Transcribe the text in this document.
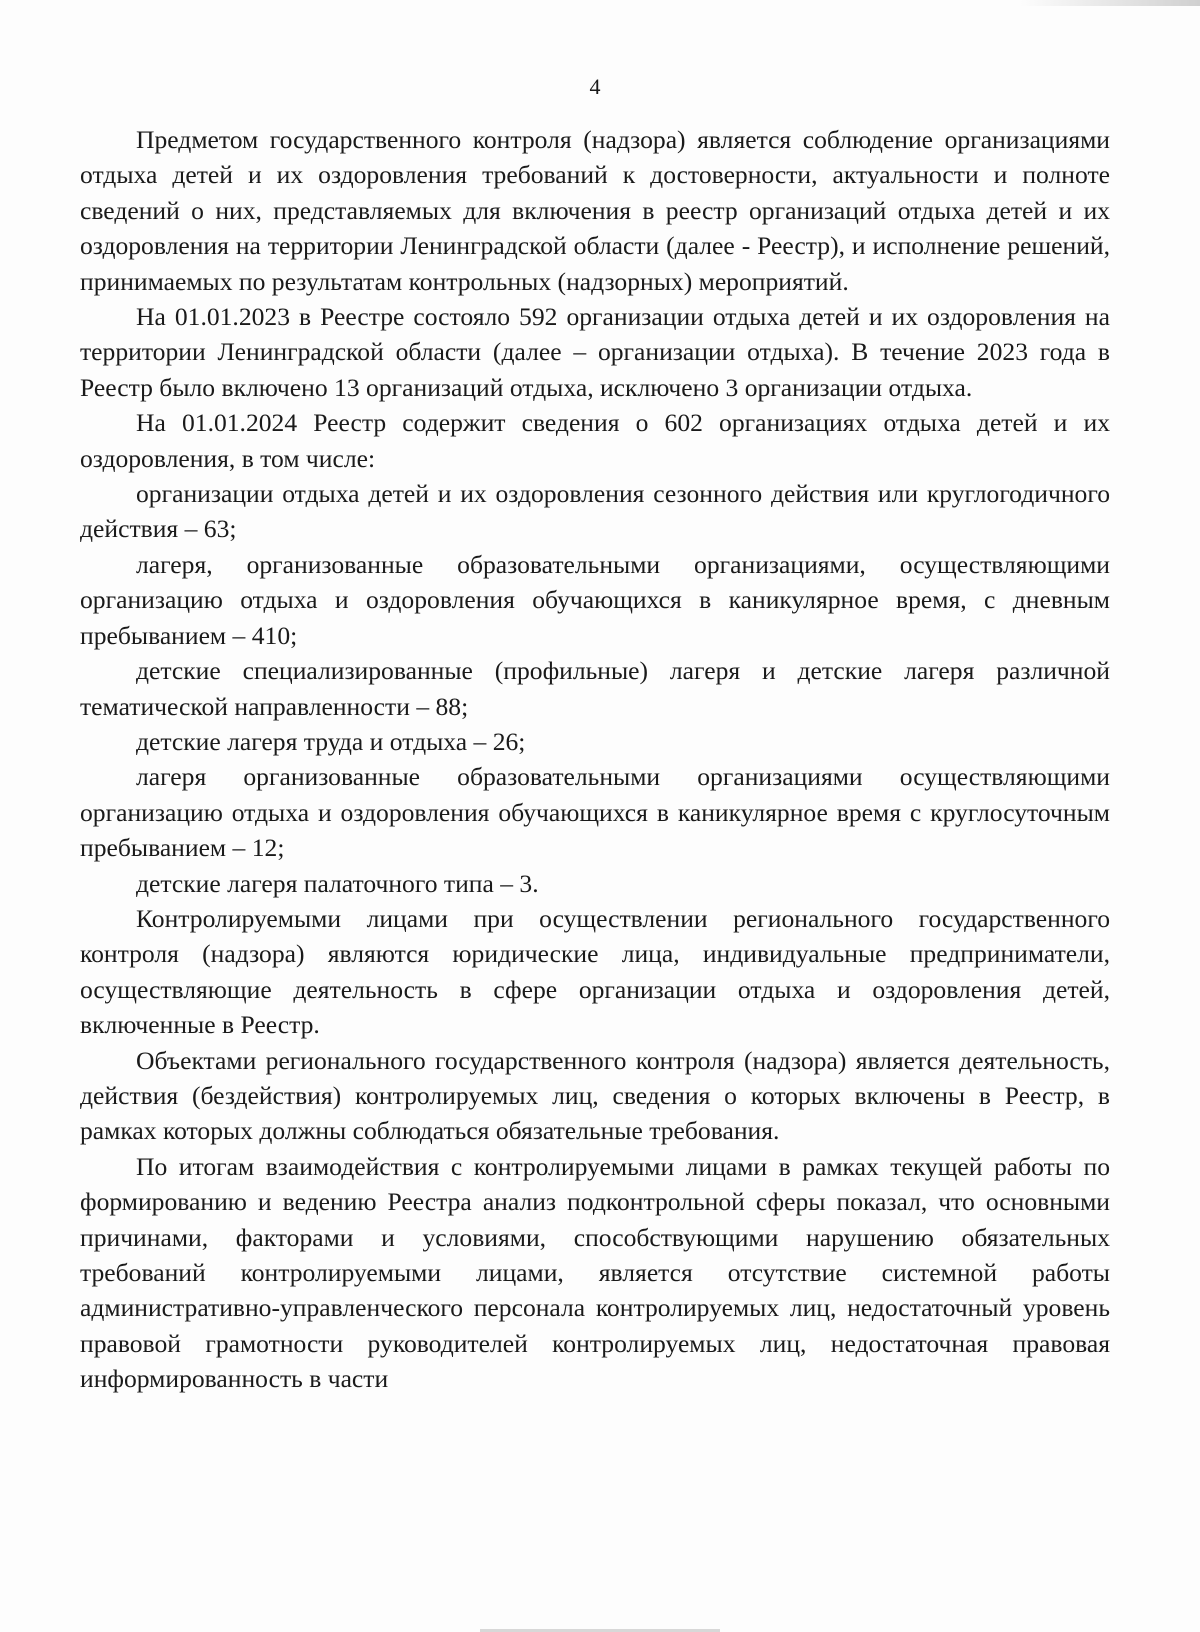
4

Предметом государственного контроля (надзора) является соблюдение организациями отдыха детей и их оздоровления требований к достоверности, актуальности и полноте сведений о них, представляемых для включения в реестр организаций отдыха детей и их оздоровления на территории Ленинградской области (далее - Реестр), и исполнение решений, принимаемых по результатам контрольных (надзорных) мероприятий.

На 01.01.2023 в Реестре состояло 592 организации отдыха детей и их оздоровления на территории Ленинградской области (далее – организации отдыха). В течение 2023 года в Реестр было включено 13 организаций отдыха, исключено 3 организации отдыха.

На 01.01.2024 Реестр содержит сведения о 602 организациях отдыха детей и их оздоровления, в том числе:

организации отдыха детей и их оздоровления сезонного действия или круглогодичного действия – 63;

лагеря, организованные образовательными организациями, осуществляющими организацию отдыха и оздоровления обучающихся в каникулярное время, с дневным пребыванием – 410;

детские специализированные (профильные) лагеря и детские лагеря различной тематической направленности – 88;

детские лагеря труда и отдыха – 26;

лагеря организованные образовательными организациями осуществляющими организацию отдыха и оздоровления обучающихся в каникулярное время с круглосуточным пребыванием – 12;

детские лагеря палаточного типа – 3.

Контролируемыми лицами при осуществлении регионального государственного контроля (надзора) являются юридические лица, индивидуальные предприниматели, осуществляющие деятельность в сфере организации отдыха и оздоровления детей, включенные в Реестр.

Объектами регионального государственного контроля (надзора) является деятельность, действия (бездействия) контролируемых лиц, сведения о которых включены в Реестр, в рамках которых должны соблюдаться обязательные требования.

По итогам взаимодействия с контролируемыми лицами в рамках текущей работы по формированию и ведению Реестра анализ подконтрольной сферы показал, что основными причинами, факторами и условиями, способствующими нарушению обязательных требований контролируемыми лицами, является отсутствие системной работы административно-управленческого персонала контролируемых лиц, недостаточный уровень правовой грамотности руководителей контролируемых лиц, недостаточная правовая информированность в части
